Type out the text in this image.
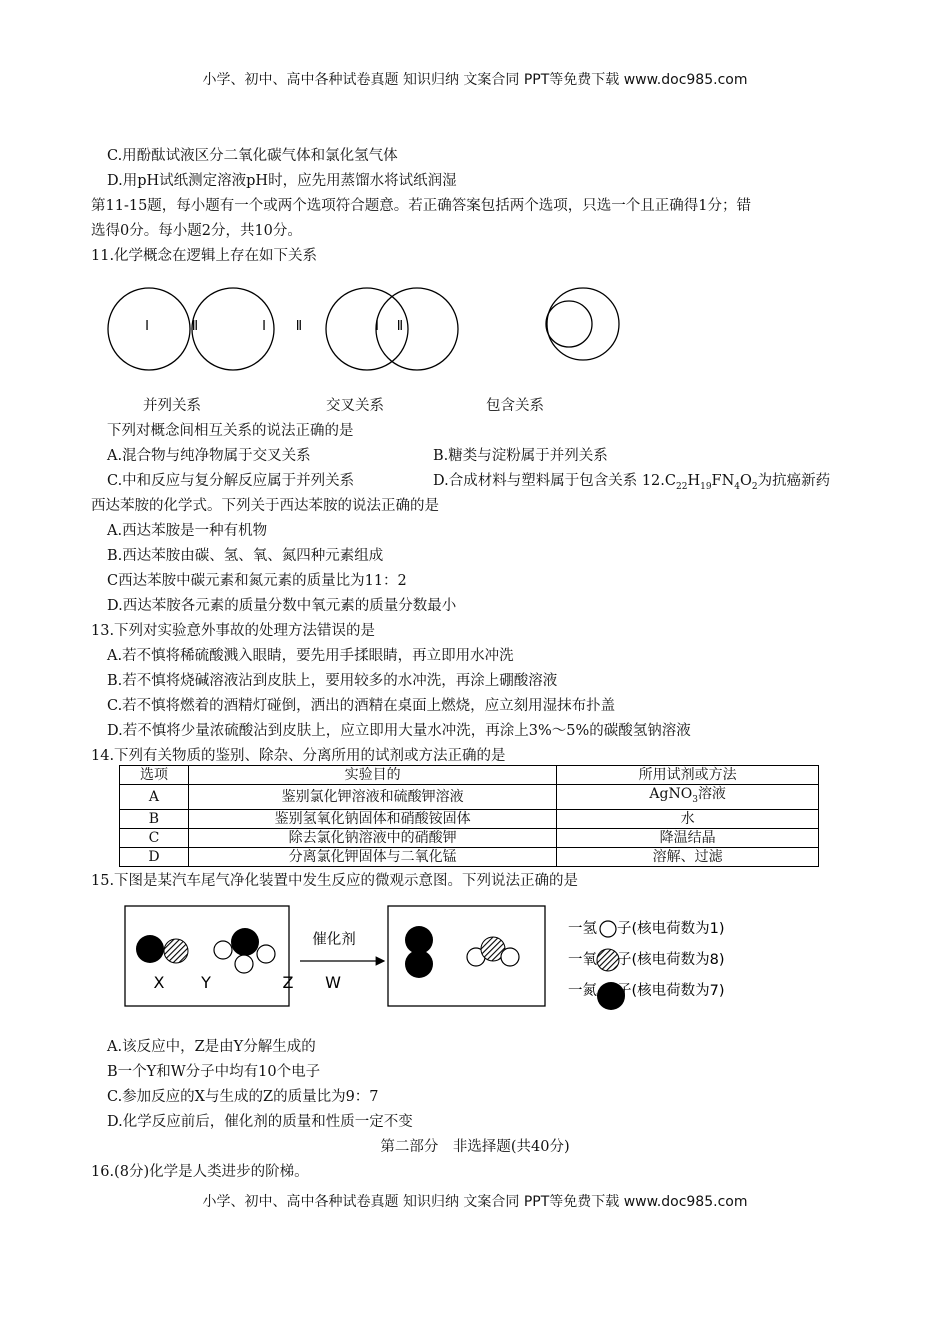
小学、初中、高中各种试卷真题 知识归纳 文案合同 PPT等免费下载 www.doc985.com
C.用酚酞试液区分二氧化碳气体和氯化氢气体
D.用pH试纸测定溶液pH时，应先用蒸馏水将试纸润湿
第11-15题，每小题有一个或两个选项符合题意。若正确答案包括两个选项，只选一个且正确得1分；错
选得0分。每小题2分，共10分。
11.化学概念在逻辑上存在如下关系
Ⅰ	Ⅱ	Ⅰ Ⅱ	Ⅰ Ⅱ
并列关系	交叉关系	包含关系
下列对概念间相互关系的说法正确的是
A.混合物与纯净物属于交叉关系	B.糖类与淀粉属于并列关系
C.中和反应与复分解反应属于并列关系	D.合成材料与塑料属于包含关系 $12.C_{22}H_{19}FN_4O_2$为抗癌新药
西达苯胺的化学式。下列关于西达苯胺的说法正确的是
A.西达苯胺是一种有机物
B.西达苯胺由碳、氢、氧、氮四种元素组成
C西达苯胺中碳元素和氮元素的质量比为11：2
D.西达苯胺各元素的质量分数中氧元素的质量分数最小
13.下列对实验意外事故的处理方法错误的是
A.若不慎将稀硫酸溅入眼睛，要先用手揉眼睛，再立即用水冲洗
B.若不慎将烧碱溶液沾到皮肤上，要用较多的水冲洗，再涂上硼酸溶液
C.若不慎将燃着的酒精灯碰倒，洒出的酒精在桌面上燃烧，应立刻用湿抹布扑盖
D.若不慎将少量浓硫酸沾到皮肤上，应立即用大量水冲洗，再涂上3%～5%的碳酸氢钠溶液
14.下列有关物质的鉴别、除杂、分离所用的试剂或方法正确的是
选项	实验目的	所用试剂或方法
A	鉴别氯化钾溶液和硫酸钾溶液	AgNO$_3$溶液
B	鉴别氢氧化钠固体和硝酸铵固体	水
C	除去氯化钠溶液中的硝酸钾	降温结晶
D	分离氯化钾固体与二氧化锰	溶解、过滤
15.下图是某汽车尾气净化装置中发生反应的微观示意图。下列说法正确的是
X Y
催化剂
Z W
一氢 子(核电荷数为1)
一氧 子(核电荷数为8)
一氮 子(核电荷数为7)
A.该反应中，Z是由Y分解生成的
B一个Y和W分子中均有10个电子
C.参加反应的X与生成的Z的质量比为9：7
D.化学反应前后，催化剂的质量和性质一定不变
第二部分　非选择题(共40分)
16.(8分)化学是人类进步的阶梯。
小学、初中、高中各种试卷真题 知识归纳 文案合同 PPT等免费下载 www.doc985.com
